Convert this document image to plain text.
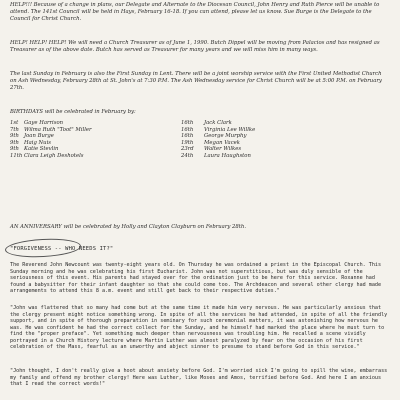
HELP!!! Because of a change in plans, our Delegate and Alternate to the Diocesan Council, John Henry and Ruth Pierce will be unable to attend. The 141st Council will be held in Hays, February 16-18. If you can attend, please let us know. Sue Burge is the Delegate to the Council for Christ Church.

HELP! HELP! HELP! We will need a Church Treasurer as of June 1, 1990. Butch Dippel will be moving from Palacios and has resigned as Treasurer as of the above date. Butch has served as Treasurer for many years and we will miss him in many ways.

The last Sunday in February is also the First Sunday in Lent. There will be a joint worship service with the First United Methodist Church on Ash Wednesday, February 28th at St. John's at 7:30 P.M. The Ash Wednesday service for Christ Church will be at 5:00 P.M. on February 27th.

BIRTHDAYS will be celebrated in February by:

1st Gaye Harrison	16th Jack Clark
7th Wilma Ruth "Toot" Miller	16th Virginia Lee Willke
9th Joan Burge	16th George Murphy
9th Haig Nuis	19th Megan Vacek
9th Katie Stevlin	23rd Walter Wilkes
11th Clara Leigh Deshotels	24th Laura Haughston

AN ANNIVERSARY will be celebrated by Holly and Clayton Clayburn on February 28th.

"FORGIVENESS -- WHO NEEDS IT?"

The Reverend John Newcount was twenty-eight years old. On Thursday he was ordained a priest in the Episcopal Church. This Sunday morning and he was celebrating his first Eucharist. John was not superstitious, but was duly sensible of the seriousness of this event. His parents had stayed over for the ordination just to be here for this service. Roxanne had found a babysitter for their infant daughter so that she could come too. The Archdeacon and several other clergy had made arrangements to attend this 8 a.m. event and still get back to their respective duties."

"John was flattered that so many had come but at the same time it made him very nervous. He was particularly anxious that the clergy present might notice something wrong. In spite of all the services he had attended, in spite of all the friendly support, and in spite of thorough preparation in seminary for such ceremonial matters, it was astonishing how nervous he was. He was confident he had the correct collect for the Sunday, and he himself had marked the place where he must turn to find the "proper preface". Yet something much deeper than nervousness was troubling him. He recalled a scene vividly portrayed in a Church History lecture where Martin Luther was almost paralyzed by fear on the occasion of his first celebration of the Mass, fearful as an unworthy and abject sinner to presume to stand before God in this service."

"John thought, I don't really give a hoot about anxiety before God. I'm worried sick I'm going to spill the wine, embarrass my family and offend my brother clergy! Here was Luther, like Moses and Amos, terrified before God. And here I am anxious that I read the correct words!"
